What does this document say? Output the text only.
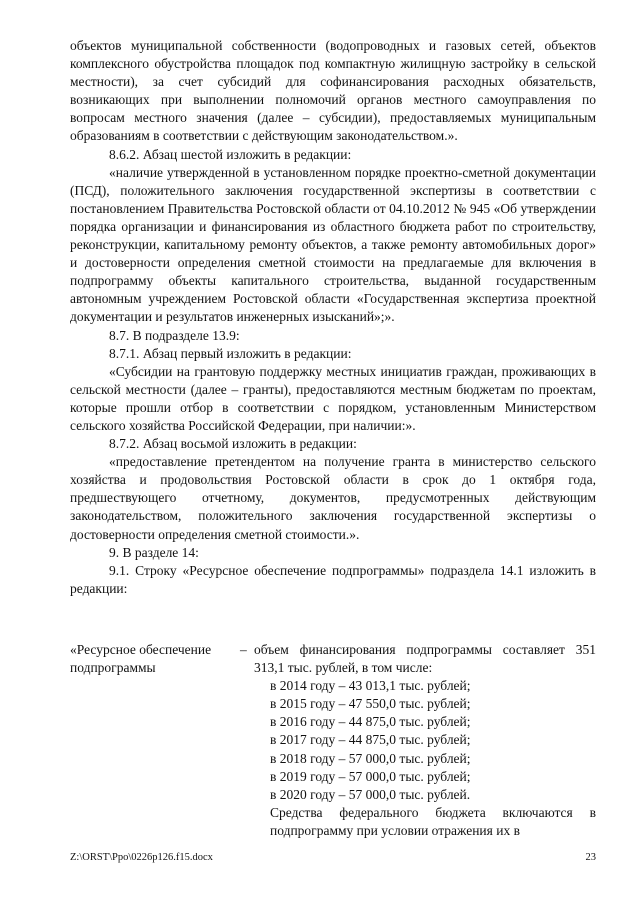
объектов муниципальной собственности (водопроводных и газовых сетей, объектов комплексного обустройства площадок под компактную жилищную застройку в сельской местности), за счет субсидий для софинансирования расходных обязательств, возникающих при выполнении полномочий органов местного самоуправления по вопросам местного значения (далее – субсидии), предоставляемых муниципальным образованиям в соответствии с действующим законодательством.».

8.6.2. Абзац шестой изложить в редакции:

«наличие утвержденной в установленном порядке проектно-сметной документации (ПСД), положительного заключения государственной экспертизы в соответствии с постановлением Правительства Ростовской области от 04.10.2012 № 945 «Об утверждении порядка организации и финансирования из областного бюджета работ по строительству, реконструкции, капитальному ремонту объектов, а также ремонту автомобильных дорог» и достоверности определения сметной стоимости на предлагаемые для включения в подпрограмму объекты капитального строительства, выданной государственным автономным учреждением Ростовской области «Государственная экспертиза проектной документации и результатов инженерных изысканий»;».

8.7. В подразделе 13.9:

8.7.1. Абзац первый изложить в редакции:

«Субсидии на грантовую поддержку местных инициатив граждан, проживающих в сельской местности (далее – гранты), предоставляются местным бюджетам по проектам, которые прошли отбор в соответствии с порядком, установленным Министерством сельского хозяйства Российской Федерации, при наличии:».

8.7.2. Абзац восьмой изложить в редакции:

«предоставление претендентом на получение гранта в министерство сельского хозяйства и продовольствия Ростовской области в срок до 1 октября года, предшествующего отчетному, документов, предусмотренных действующим законодательством, положительного заключения государственной экспертизы о достоверности определения сметной стоимости.».

9. В разделе 14:

9.1. Строку «Ресурсное обеспечение подпрограммы» подраздела 14.1 изложить в редакции:

«Ресурсное обеспечение подпрограммы
– объем финансирования подпрограммы составляет 351 313,1 тыс. рублей, в том числе:
в 2014 году – 43 013,1 тыс. рублей;
в 2015 году – 47 550,0 тыс. рублей;
в 2016 году – 44 875,0 тыс. рублей;
в 2017 году – 44 875,0 тыс. рублей;
в 2018 году – 57 000,0 тыс. рублей;
в 2019 году – 57 000,0 тыс. рублей;
в 2020 году – 57 000,0 тыс. рублей.
Средства федерального бюджета включаются в подпрограмму при условии отражения их в
Z:\ORST\Ppo\0226p126.f15.docx	23
